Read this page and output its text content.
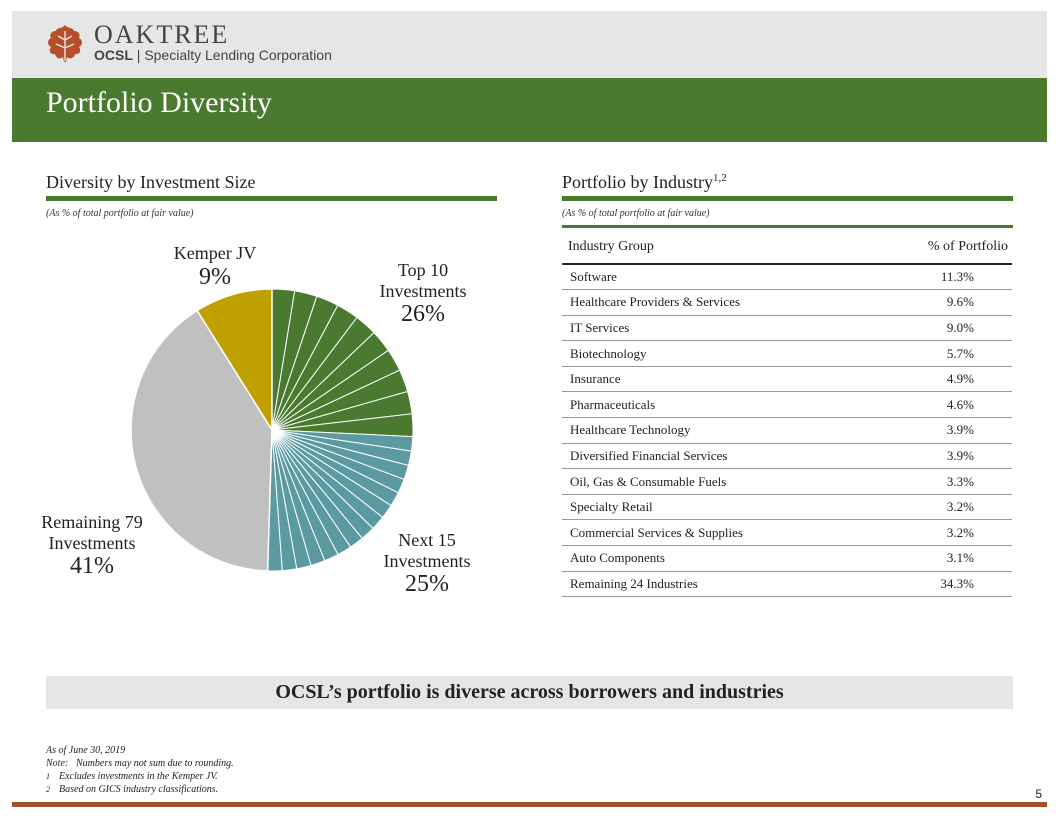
OAKTREE
OCSL | Specialty Lending Corporation
Portfolio Diversity
Diversity by Investment Size
(As % of total portfolio at fair value)
Kemper JV
9%	Top 10
Investments
26%
Next 15
Investments
25%
Remaining 79
Investments
41%
Portfolio by Industry$^{1,2}$
(As % of total portfolio at fair value)
Industry Group	% of Portfolio
Software	11.3%
Healthcare Providers & Services	9.6%
IT Services	9.0%
Biotechnology	5.7%
Insurance	4.9%
Pharmaceuticals	4.6%
Healthcare Technology	3.9%
Diversified Financial Services	3.9%
Oil, Gas & Consumable Fuels	3.3%
Specialty Retail	3.2%
Commercial Services & Supplies	3.2%
Auto Components	3.1%
Remaining 24 Industries	34.3%
OCSL’s portfolio is diverse across borrowers and industries
As of June 30, 2019
Note: Numbers may not sum due to rounding.
1 Excludes investments in the Kemper JV.
2 Based on GICS industry classifications.	5
